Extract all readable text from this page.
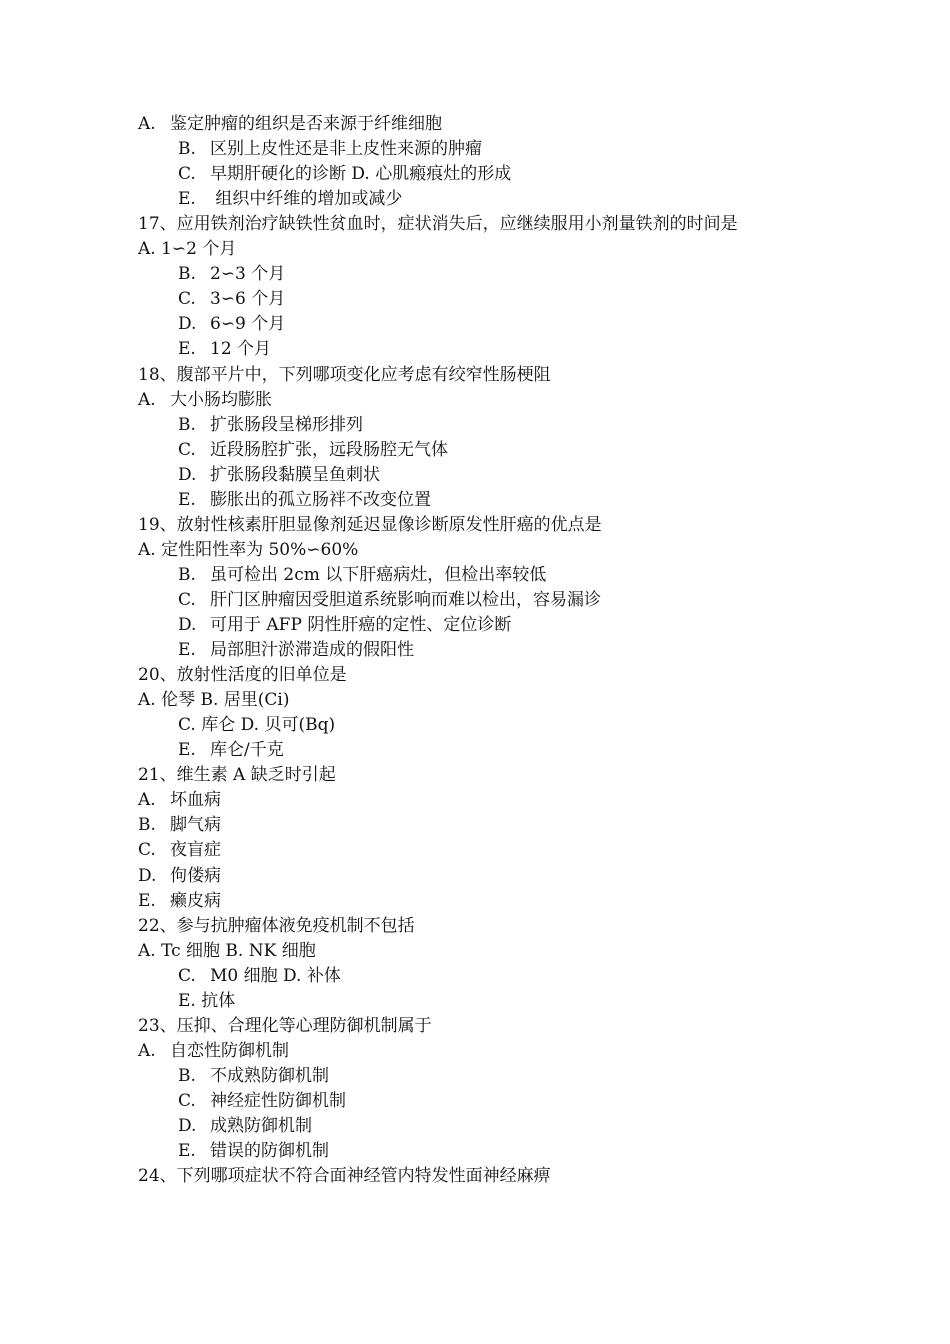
A. 鉴定肿瘤的组织是否来源于纤维细胞
B. 区别上皮性还是非上皮性来源的肿瘤
C. 早期肝硬化的诊断 D. 心肌瘢痕灶的形成
E. 组织中纤维的增加或减少
17、应用铁剂治疗缺铁性贫血时，症状消失后，应继续服用小剂量铁剂的时间是
A. 1∽2 个月
B. 2∽3 个月
C. 3∽6 个月
D. 6∽9 个月
E. 12 个月
18、腹部平片中，下列哪项变化应考虑有绞窄性肠梗阻
A. 大小肠均膨胀
B. 扩张肠段呈梯形排列
C. 近段肠腔扩张，远段肠腔无气体
D. 扩张肠段黏膜呈鱼刺状
E. 膨胀出的孤立肠袢不改变位置
19、放射性核素肝胆显像剂延迟显像诊断原发性肝癌的优点是
A. 定性阳性率为 50%∽60%
B. 虽可检出 2cm 以下肝癌病灶，但检出率较低
C. 肝门区肿瘤因受胆道系统影响而难以检出，容易漏诊
D. 可用于 AFP 阴性肝癌的定性、定位诊断
E. 局部胆汁淤滞造成的假阳性
20、放射性活度的旧单位是
A. 伦琴 B. 居里(Ci)
C. 库仑 D. 贝可(Bq)
E. 库仑/千克
21、维生素 A 缺乏时引起
A. 坏血病
B. 脚气病
C. 夜盲症
D. 佝偻病
E. 癞皮病
22、参与抗肿瘤体液免疫机制不包括
A. Tc 细胞 B. NK 细胞
C. M0 细胞 D. 补体
E. 抗体
23、压抑、合理化等心理防御机制属于
A. 自恋性防御机制
B. 不成熟防御机制
C. 神经症性防御机制
D. 成熟防御机制
E. 错误的防御机制
24、下列哪项症状不符合面神经管内特发性面神经麻痹
